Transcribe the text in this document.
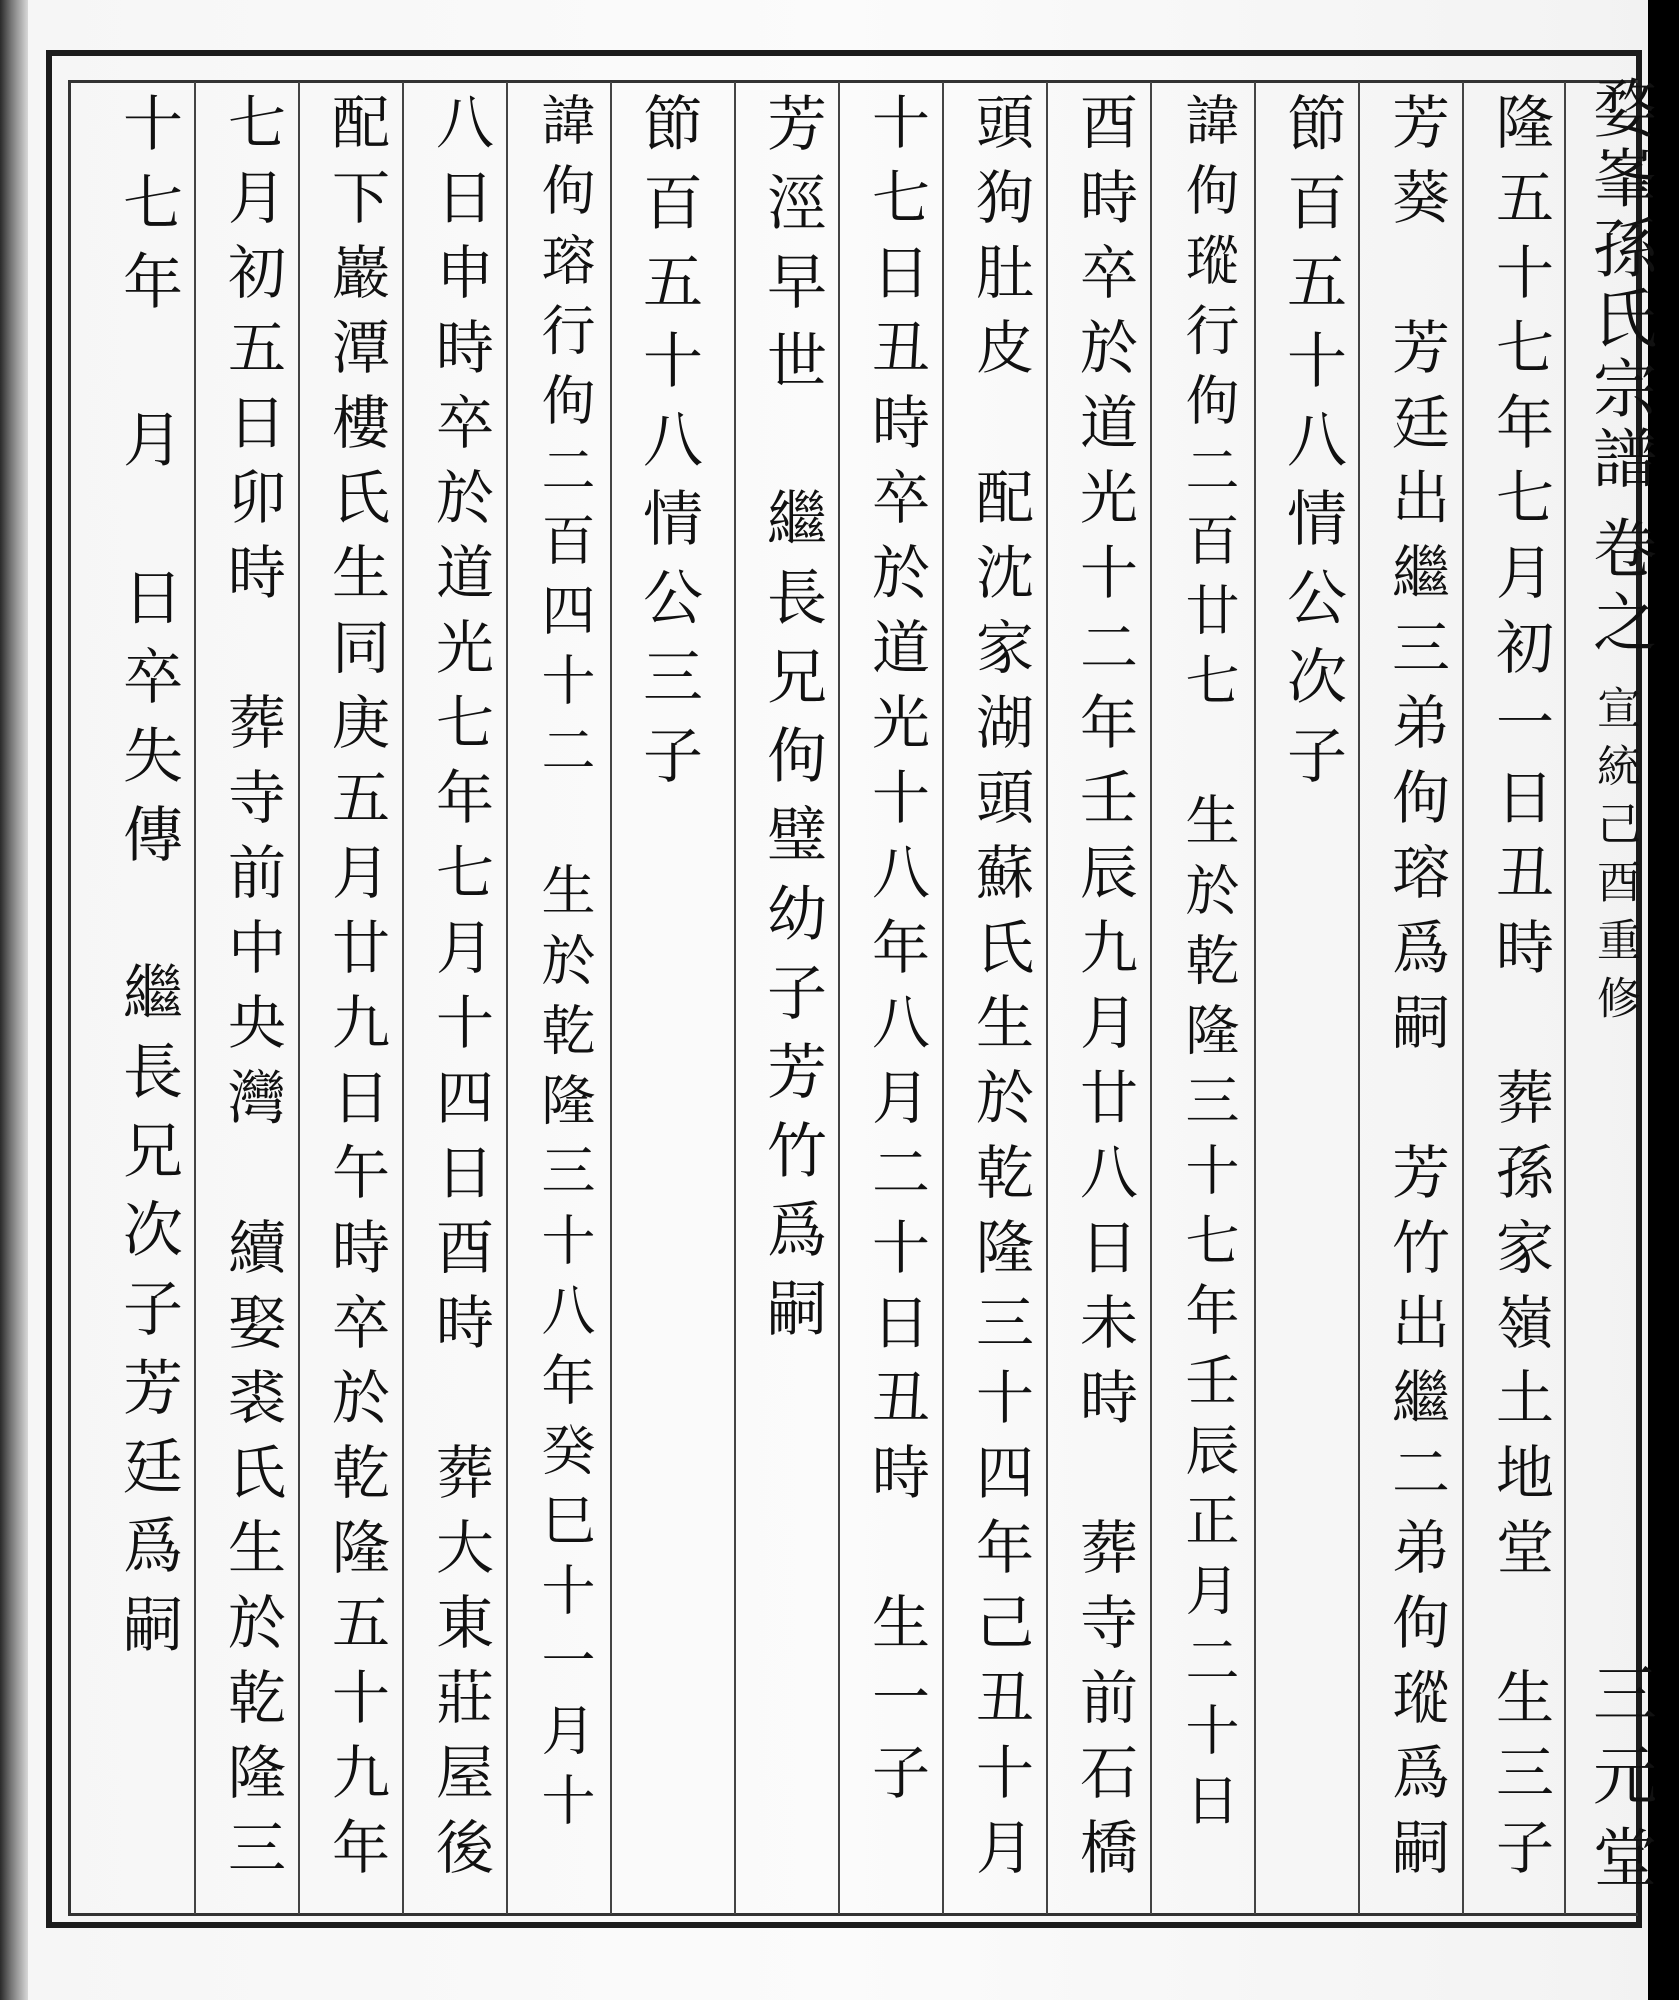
婺峯孫氏宗譜
卷之
宣統己酉重修
三元堂
隆五十七年七月初一日丑時　葬孫家嶺土地堂　生三子
芳葵　芳廷出繼三弟佝瑢爲嗣　芳竹出繼二弟佝瑽爲嗣
節百五十八情公次子
諱佝瑽行佝二百廿七　生於乾隆三十七年壬辰正月二十日
酉時卒於道光十二年壬辰九月廿八日未時　葬寺前石橋
頭狗肚皮　配沈家湖頭蘇氏生於乾隆三十四年己丑十月
十七日丑時卒於道光十八年八月二十日丑時　生一子
芳涇早世　繼長兄佝璧幼子芳竹爲嗣
節百五十八情公三子
諱佝瑢行佝二百四十二　生於乾隆三十八年癸巳十一月十
八日申時卒於道光七年七月十四日酉時　葬大東莊屋後
配下巖潭樓氏生同庚五月廿九日午時卒於乾隆五十九年
七月初五日卯時　葬寺前中央灣　續娶裘氏生於乾隆三
十七年　月　日卒失傳　繼長兄次子芳廷爲嗣
